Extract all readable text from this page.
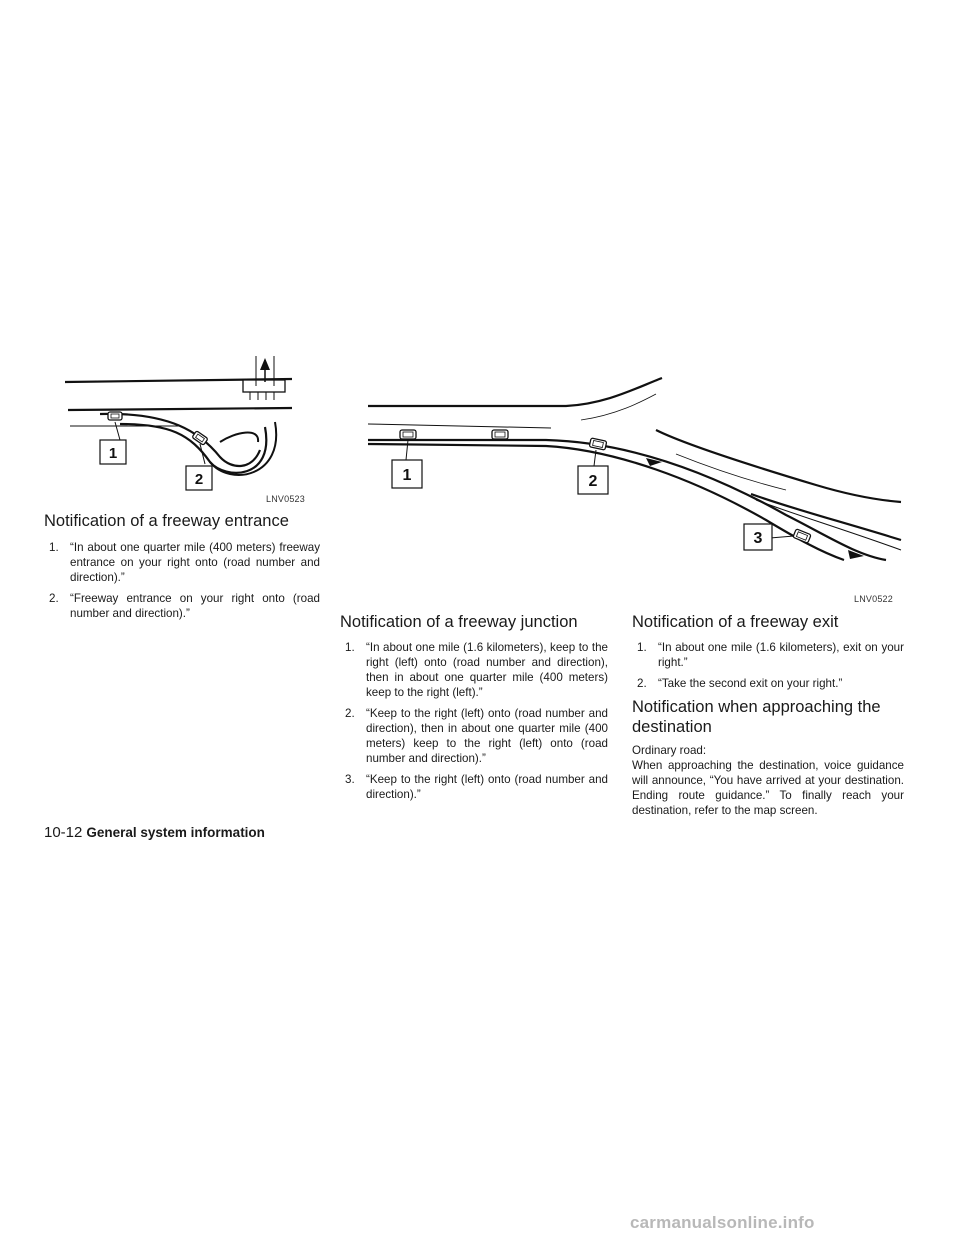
1
2
LNV0523
1	2
3
LNV0522
Notification of a freeway entrance
1. “In about one quarter mile (400 meters) freeway entrance on your right onto (road number and direction).”
2. “Freeway entrance on your right onto (road number and direction).”	Notification of a freeway junction
1. “In about one mile (1.6 kilometers), keep to the right (left) onto (road number and direction), then in about one quarter mile (400 meters) keep to the right (left).”
2. “Keep to the right (left) onto (road number and direction), then in about one quarter mile (400 meters) keep to the right (left) onto (road number and direction).”
3. “Keep to the right (left) onto (road number and direction).”
Notification of a freeway exit
1. “In about one mile (1.6 kilometers), exit on your right.”
2. “Take the second exit on your right.”
Notification when approaching the destination

Ordinary road:

When approaching the destination, voice guidance will announce, “You have arrived at your destination. Ending route guidance.” To finally reach your destination, refer to the map screen.

10-12 General system information
carmanualsonline.info
